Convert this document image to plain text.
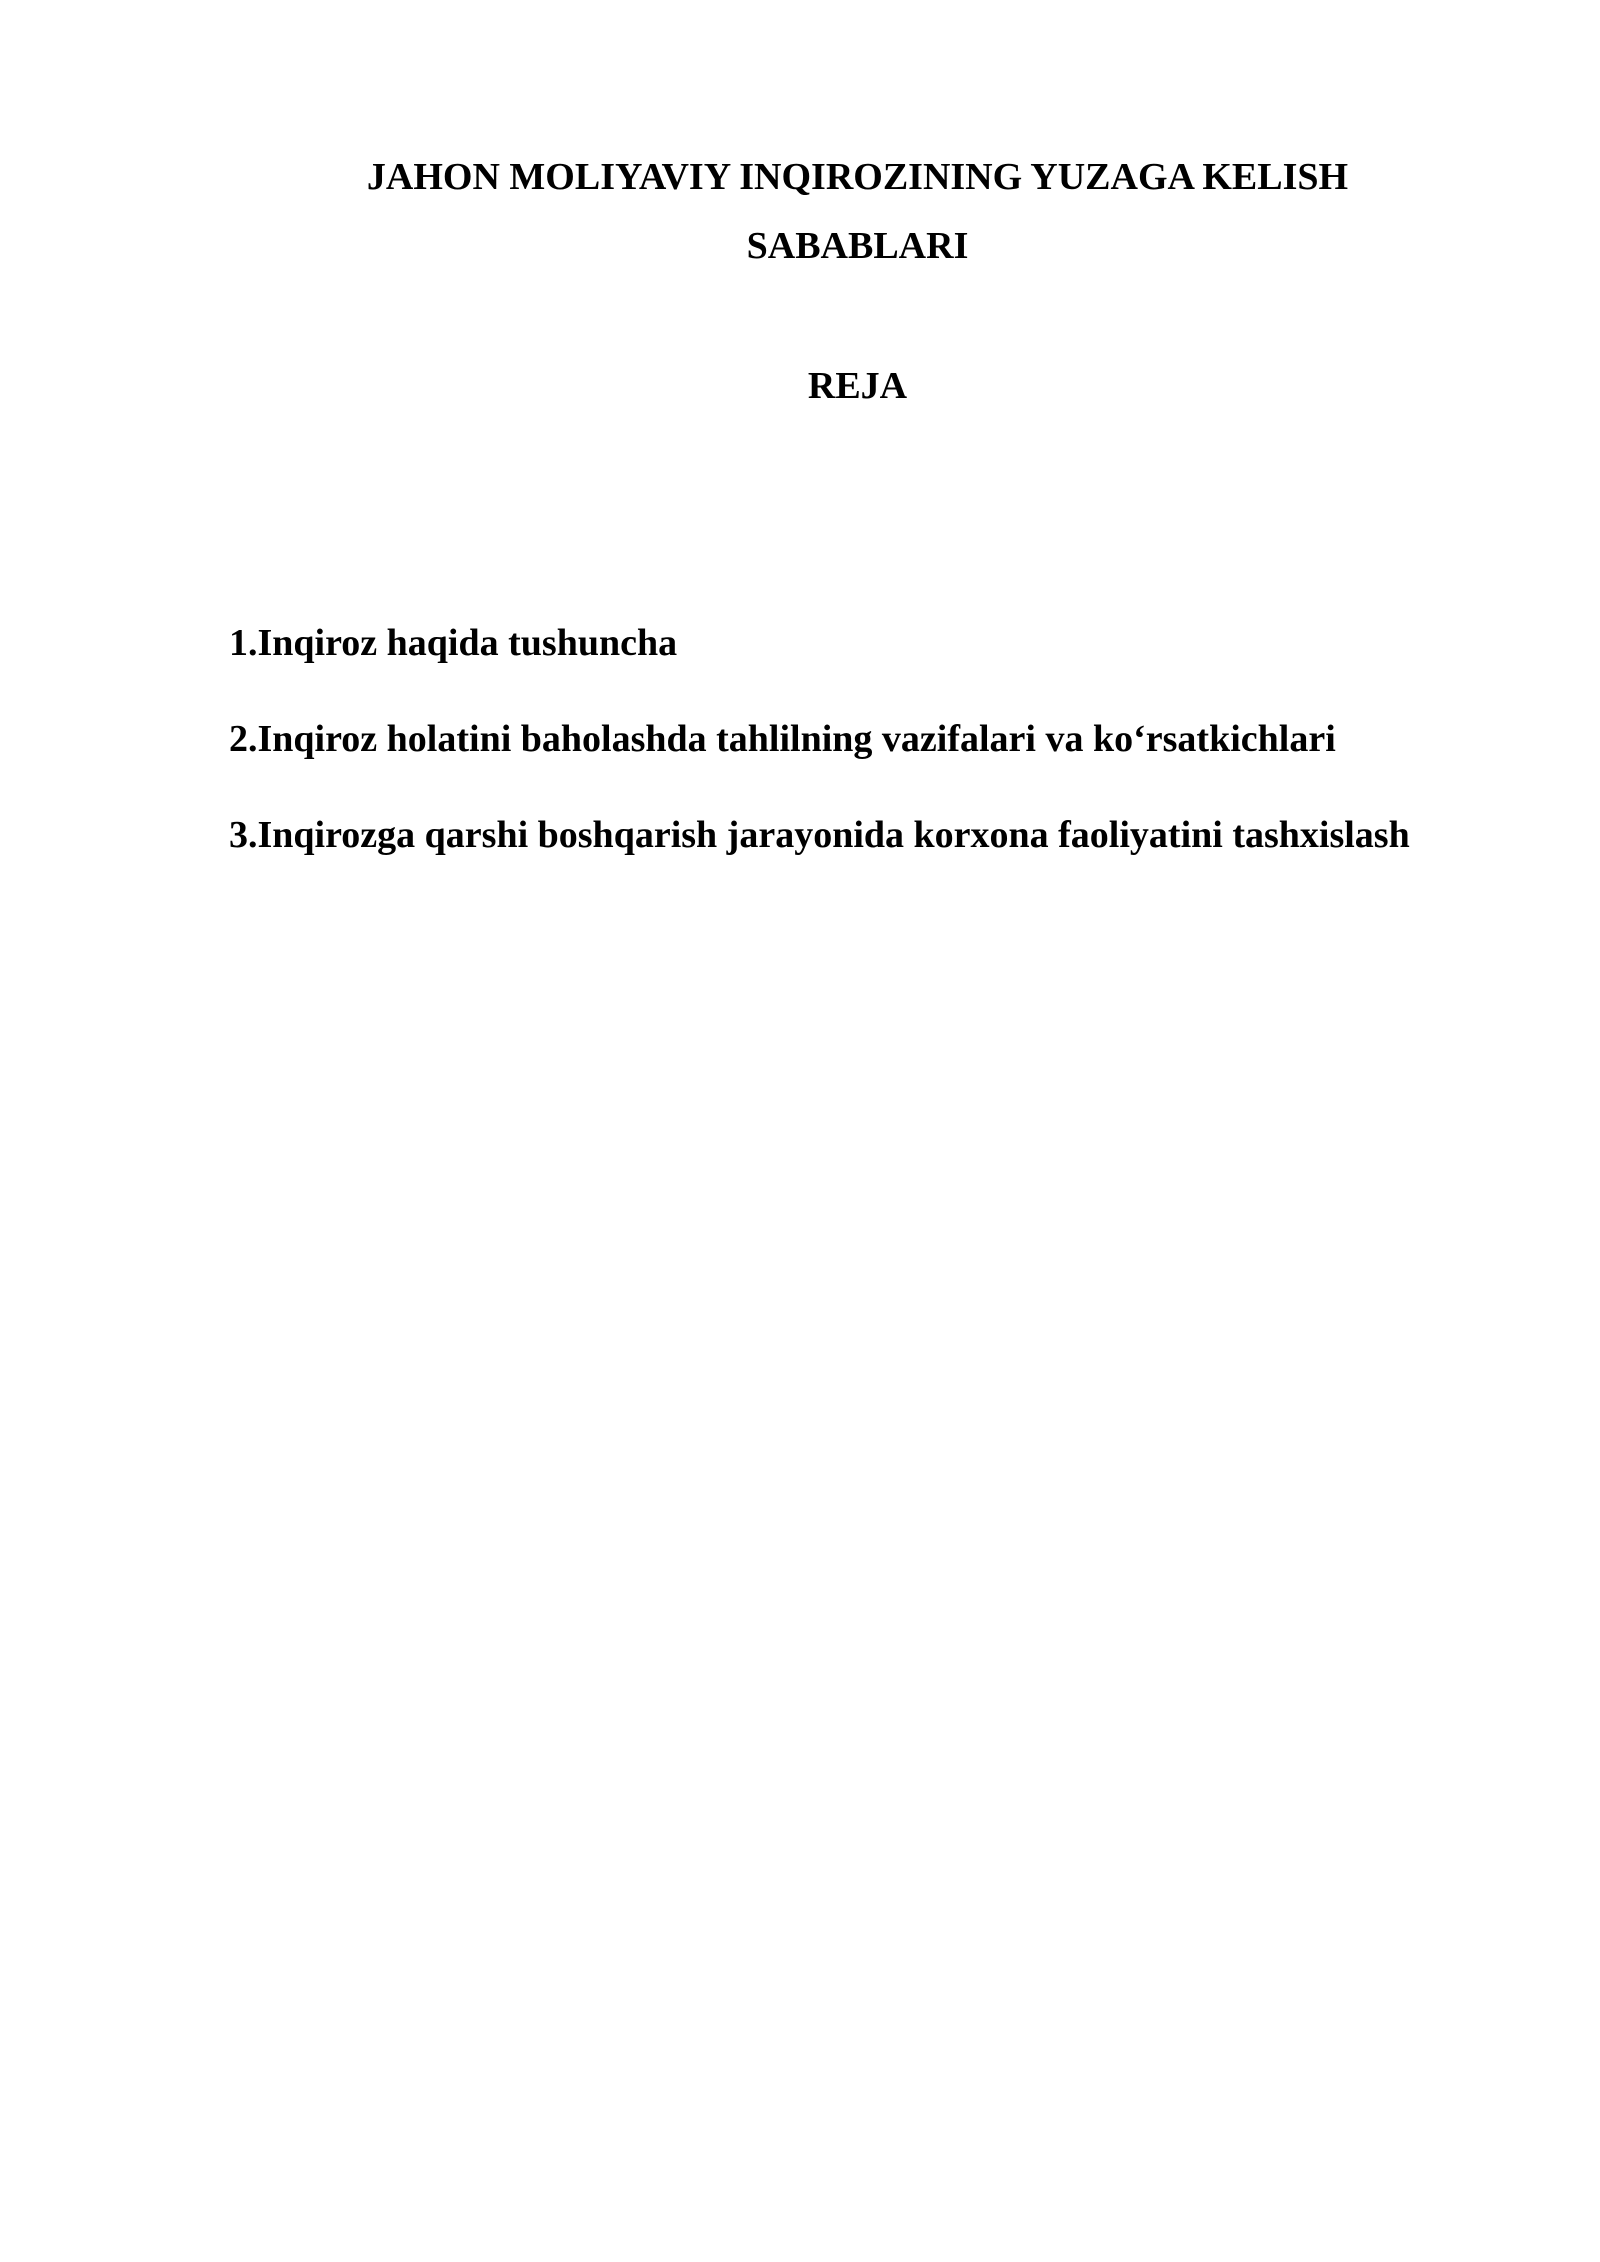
JAHON MOLIYAVIY INQIROZINING YUZAGA KELISH
SABABLARI
REJA
1.Inqiroz haqida tushuncha
2.Inqiroz holatini baholashda tahlilning vazifalari va ko‘rsatkichlari
3.Inqirozga qarshi boshqarish jarayonida korxona faoliyatini tashxislash
